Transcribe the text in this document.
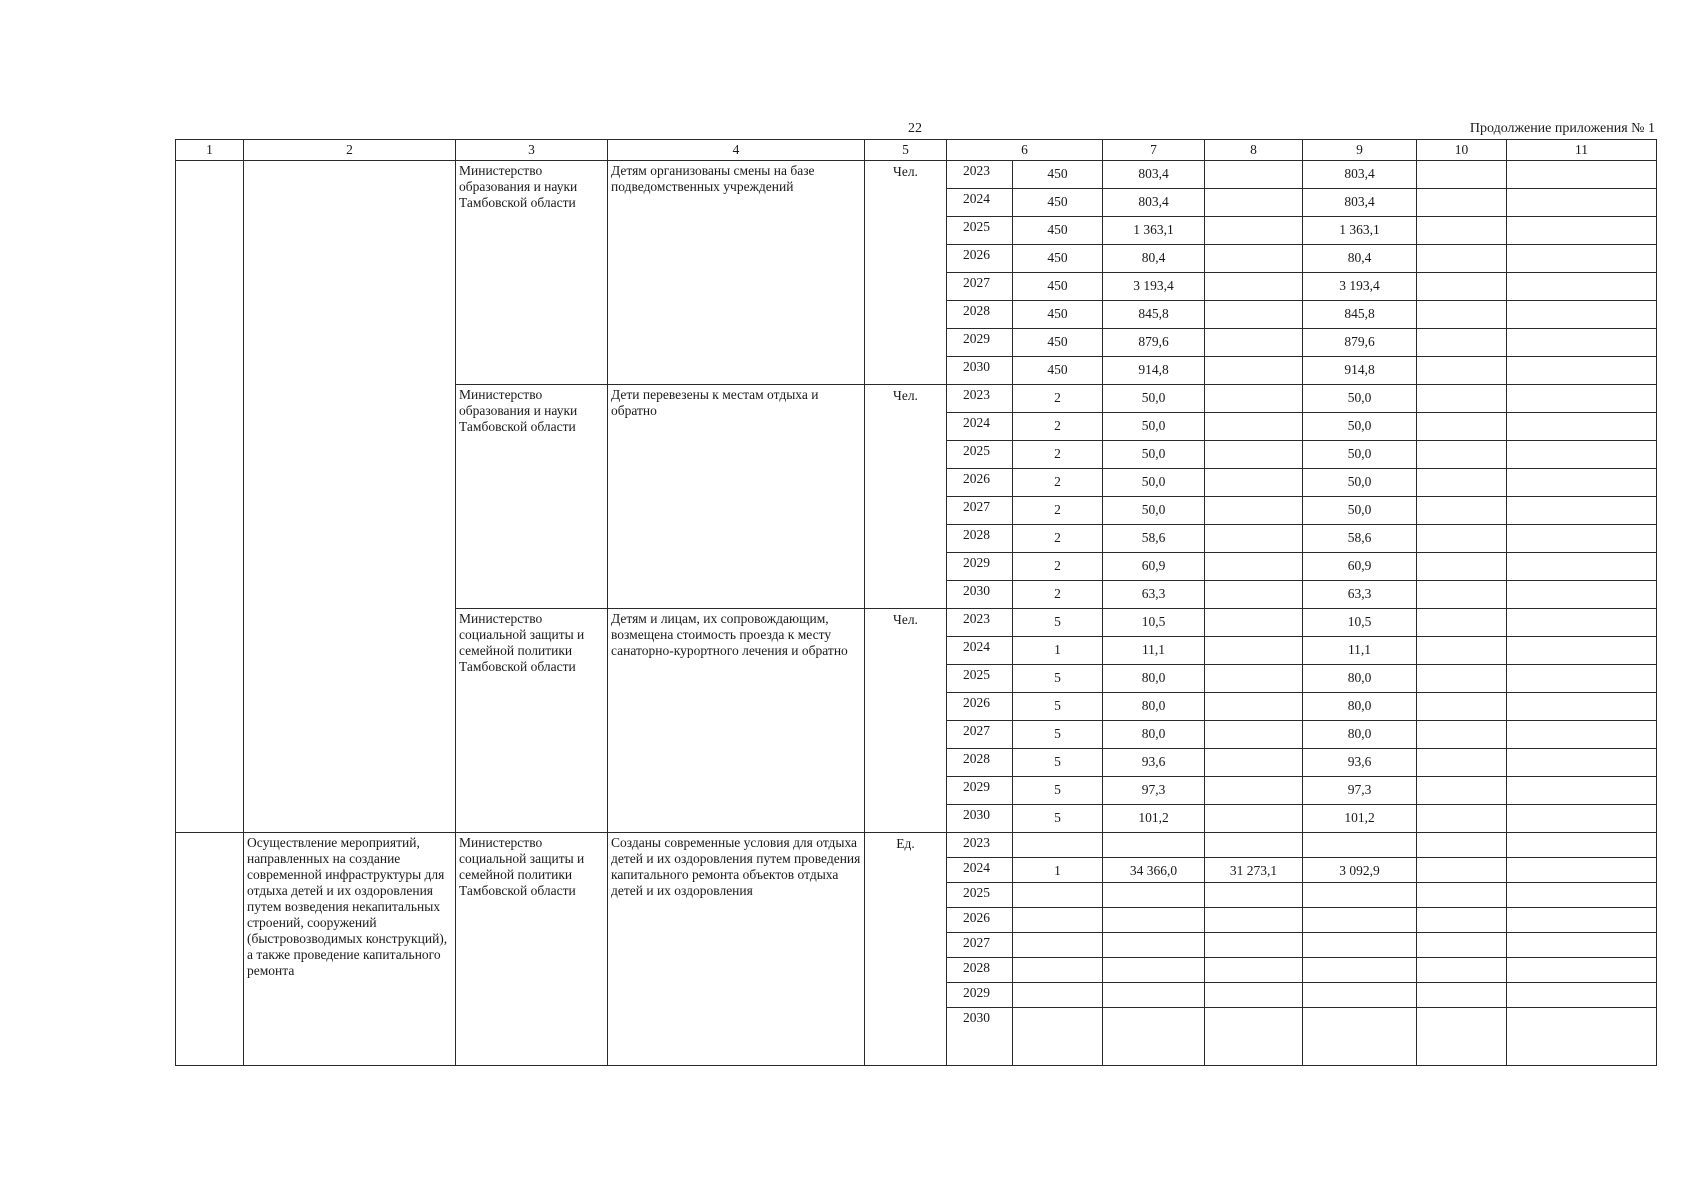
22	Продолжение приложения № 1
1	2	3	4	5	6		7	8	9	10	11
		Министерство образования и науки Тамбовской области	Детям организованы смены на базе подведомственных учреждений	Чел.	2023	450	803,4		803,4		
					2024	450	803,4		803,4		
					2025	450	1 363,1		1 363,1		
					2026	450	80,4		80,4		
					2027	450	3 193,4		3 193,4		
					2028	450	845,8		845,8		
					2029	450	879,6		879,6		
					2030	450	914,8		914,8		
		Министерство образования и науки Тамбовской области	Дети перевезены к местам отдыха и обратно	Чел.	2023	2	50,0		50,0		
					2024	2	50,0		50,0		
					2025	2	50,0		50,0		
					2026	2	50,0		50,0		
					2027	2	50,0		50,0		
					2028	2	58,6		58,6		
					2029	2	60,9		60,9		
					2030	2	63,3		63,3		
		Министерство социальной защиты и семейной политики Тамбовской области	Детям и лицам, их сопровождающим, возмещена стоимость проезда к месту санаторно-курортного лечения и обратно	Чел.	2023	5	10,5		10,5		
					2024	1	11,1		11,1		
					2025	5	80,0		80,0		
					2026	5	80,0		80,0		
					2027	5	80,0		80,0		
					2028	5	93,6		93,6		
					2029	5	97,3		97,3		
					2030	5	101,2		101,2		
	Осуществление мероприятий, направленных на создание современной инфраструктуры для отдыха детей и их оздоровления путем возведения некапитальных строений, сооружений (быстровозводимых конструкций), а также проведение капитального ремонта	Министерство социальной защиты и семейной политики Тамбовской области	Созданы современные условия для отдыха детей и их оздоровления путем проведения капитального ремонта объектов отдыха детей и их оздоровления	Ед.	2023						
					2024	1	34 366,0	31 273,1	3 092,9		
					2025						
					2026						
					2027						
					2028						
					2029						
					2030						
